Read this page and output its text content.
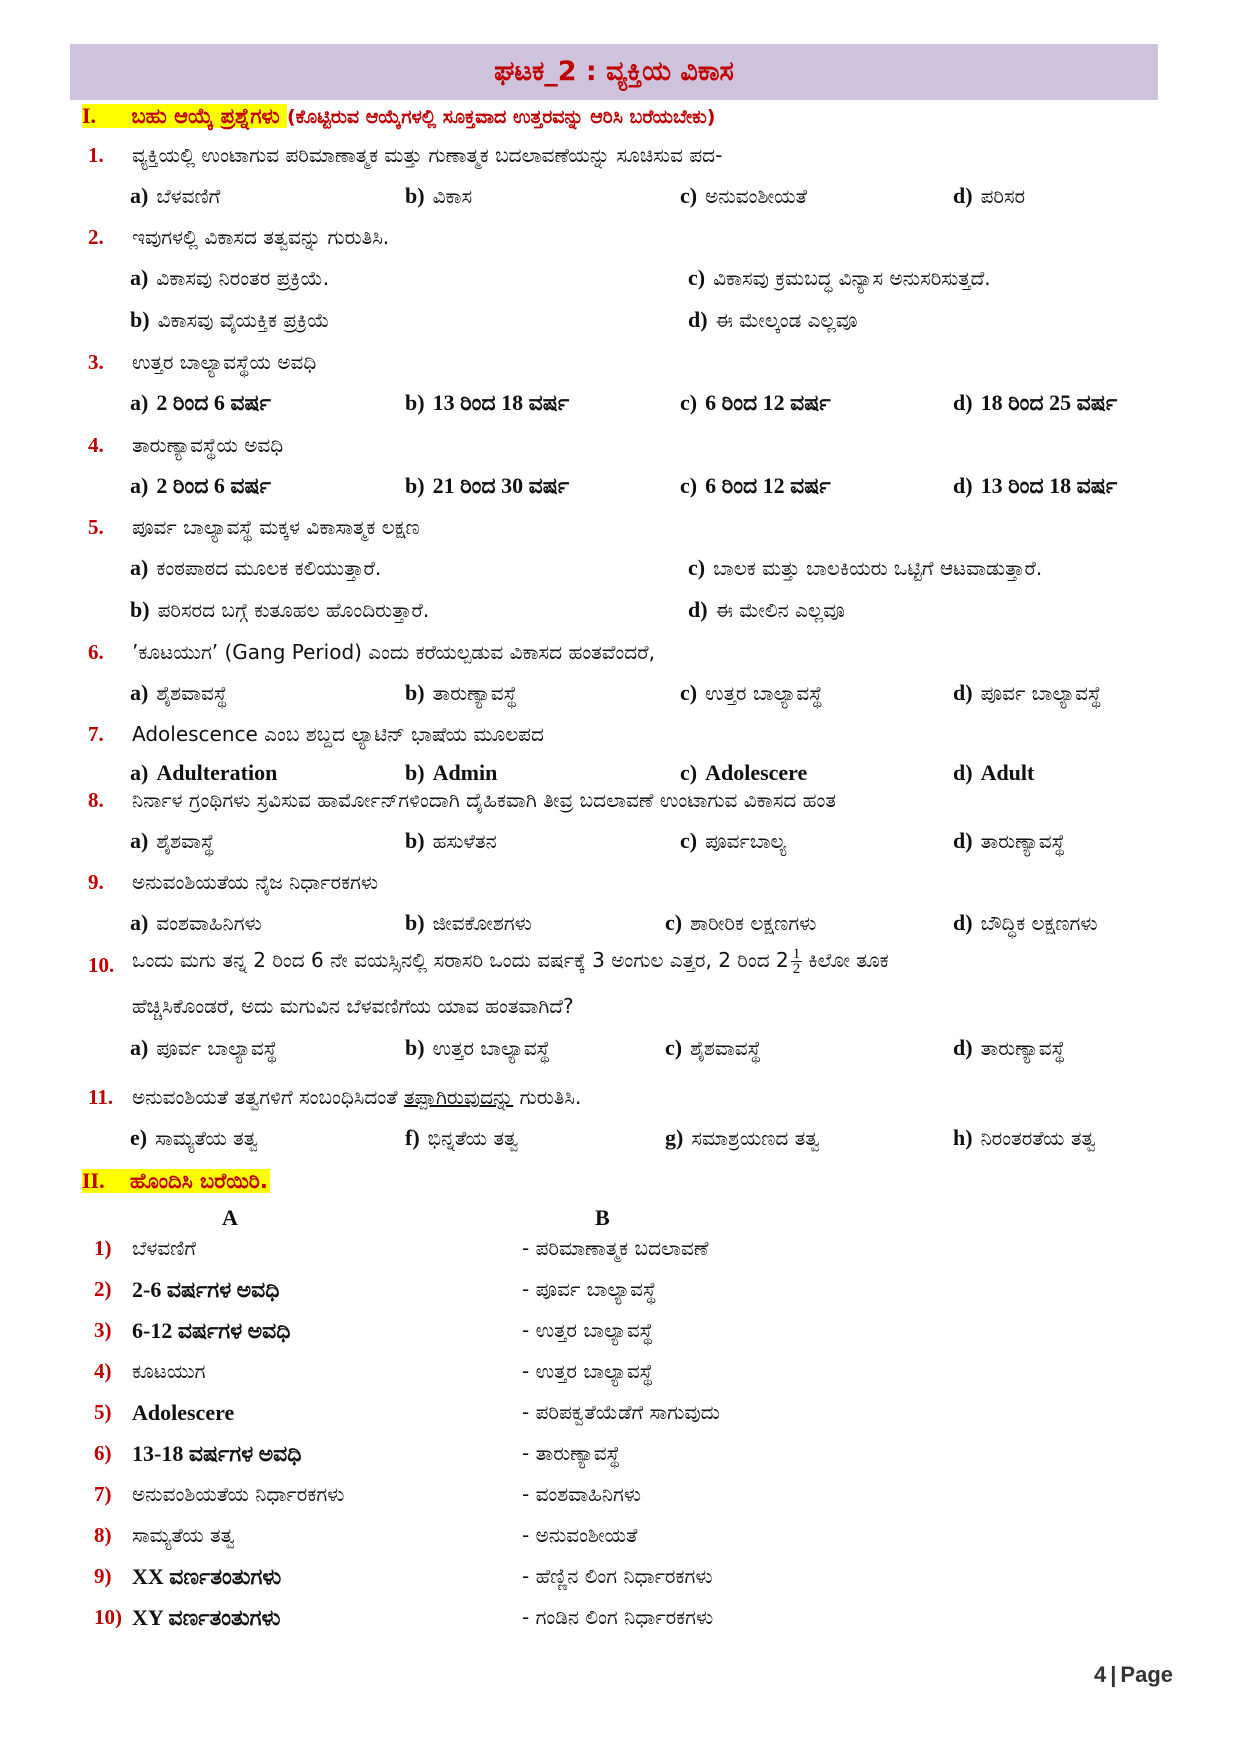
ಘಟಕ_2 : ವ್ಯಕ್ತಿಯ ವಿಕಾಸ
I. ಬಹು ಆಯ್ಕೆ ಪ್ರಶ್ನೆಗಳು (ಕೊಟ್ಟಿರುವ ಆಯ್ಕೆಗಳಲ್ಲಿ ಸೂಕ್ತವಾದ ಉತ್ತರವನ್ನು ಆರಿಸಿ ಬರೆಯಬೇಕು)
1. ವ್ಯಕ್ತಿಯಲ್ಲಿ ಉಂಟಾಗುವ ಪರಿಮಾಣಾತ್ಮಕ ಮತ್ತು ಗುಣಾತ್ಮಕ ಬದಲಾವಣೆಯನ್ನು ಸೂಚಿಸುವ ಪದ-
a) ಬೆಳವಣಿಗೆ	b) ವಿಕಾಸ	c) ಅನುವಂಶೀಯತೆ	d) ಪರಿಸರ
2. ಇವುಗಳಲ್ಲಿ ವಿಕಾಸದ ತತ್ವವನ್ನು ಗುರುತಿಸಿ.
a) ವಿಕಾಸವು ನಿರಂತರ ಪ್ರಕ್ರಿಯೆ.	c) ವಿಕಾಸವು ಕ್ರಮಬದ್ಧ ವಿನ್ಯಾಸ ಅನುಸರಿಸುತ್ತದೆ.
b) ವಿಕಾಸವು ವೈಯಕ್ತಿಕ ಪ್ರಕ್ರಿಯೆ	d) ಈ ಮೇಲ್ಕಂಡ ಎಲ್ಲವೂ
3. ಉತ್ತರ ಬಾಲ್ಯಾವಸ್ಥೆಯ ಅವಧಿ
a) 2 ರಿಂದ 6 ವರ್ಷ	b) 13 ರಿಂದ 18 ವರ್ಷ	c) 6 ರಿಂದ 12 ವರ್ಷ	d) 18 ರಿಂದ 25 ವರ್ಷ
4. ತಾರುಣ್ಯಾವಸ್ಥೆಯ ಅವಧಿ
a) 2 ರಿಂದ 6 ವರ್ಷ	b) 21 ರಿಂದ 30 ವರ್ಷ	c) 6 ರಿಂದ 12 ವರ್ಷ	d) 13 ರಿಂದ 18 ವರ್ಷ
5. ಪೂರ್ವ ಬಾಲ್ಯಾವಸ್ಥೆ ಮಕ್ಕಳ ವಿಕಾಸಾತ್ಮಕ ಲಕ್ಷಣ
a) ಕಂಠಪಾಠದ ಮೂಲಕ ಕಲಿಯುತ್ತಾರೆ.	c) ಬಾಲಕ ಮತ್ತು ಬಾಲಕಿಯರು ಒಟ್ಟಿಗೆ ಆಟವಾಡುತ್ತಾರೆ.
b) ಪರಿಸರದ ಬಗ್ಗೆ ಕುತೂಹಲ ಹೊಂದಿರುತ್ತಾರೆ.	d) ಈ ಮೇಲಿನ ಎಲ್ಲವೂ
6. ’ಕೂಟಯುಗ’ (Gang Period) ಎಂದು ಕರೆಯಲ್ಪಡುವ ವಿಕಾಸದ ಹಂತವೆಂದರೆ,
a) ಶೈಶವಾವಸ್ಥೆ	b) ತಾರುಣ್ಯಾವಸ್ಥೆ	c) ಉತ್ತರ ಬಾಲ್ಯಾವಸ್ಥೆ	d) ಪೂರ್ವ ಬಾಲ್ಯಾವಸ್ಥೆ
7. Adolescence ಎಂಬ ಶಬ್ದದ ಲ್ಯಾಟಿನ್ ಭಾಷೆಯ ಮೂಲಪದ
a) Adulteration	b) Admin	c) Adolescere	d) Adult
8. ನಿರ್ನಾಳ ಗ್ರಂಥಿಗಳು ಸ್ರವಿಸುವ ಹಾರ್ಮೋನ್‌ಗಳಿಂದಾಗಿ ದೈಹಿಕವಾಗಿ ತೀವ್ರ ಬದಲಾವಣೆ ಉಂಟಾಗುವ ವಿಕಾಸದ ಹಂತ
a) ಶೈಶವಾಸ್ಥೆ	b) ಹಸುಳೆತನ	c) ಪೂರ್ವಬಾಲ್ಯ	d) ತಾರುಣ್ಯಾವಸ್ಥೆ
9. ಅನುವಂಶಿಯತೆಯ ನೈಜ ನಿರ್ಧಾರಕಗಳು
a) ವಂಶವಾಹಿನಿಗಳು	b) ಜೀವಕೋಶಗಳು	c) ಶಾರೀರಿಕ ಲಕ್ಷಣಗಳು	d) ಬೌದ್ಧಿಕ ಲಕ್ಷಣಗಳು
10. ಒಂದು ಮಗು ತನ್ನ 2 ರಿಂದ 6 ನೇ ವಯಸ್ಸಿನಲ್ಲಿ ಸರಾಸರಿ ಒಂದು ವರ್ಷಕ್ಕೆ 3 ಅಂಗುಲ ಎತ್ತರ, 2 ರಿಂದ $2 \frac{1}{2}$ ಕಿಲೋ ತೂಕ
ಹೆಚ್ಚಿಸಿಕೊಂಡರೆ, ಅದು ಮಗುವಿನ ಬೆಳವಣಿಗೆಯ ಯಾವ ಹಂತವಾಗಿದೆ?
a) ಪೂರ್ವ ಬಾಲ್ಯಾವಸ್ಥೆ	b) ಉತ್ತರ ಬಾಲ್ಯಾವಸ್ಥೆ	c) ಶೈಶವಾವಸ್ಥೆ	d) ತಾರುಣ್ಯಾವಸ್ಥೆ
11. ಅನುವಂಶಿಯತೆ ತತ್ವಗಳಿಗೆ ಸಂಬಂಧಿಸಿದಂತೆ ತಪ್ಪಾಗಿರುವುದನ್ನು ಗುರುತಿಸಿ.
e) ಸಾಮ್ಯತೆಯ ತತ್ವ	f) ಭಿನ್ನತೆಯ ತತ್ವ	g) ಸಮಾಶ್ರಯಣದ ತತ್ವ	h) ನಿರಂತರತೆಯ ತತ್ವ
II. ಹೊಂದಿಸಿ ಬರೆಯಿರಿ.
A	B
1) ಬೆಳವಣಿಗೆ	- ಪರಿಮಾಣಾತ್ಮಕ ಬದಲಾವಣೆ
2) 2-6 ವರ್ಷಗಳ ಅವಧಿ	- ಪೂರ್ವ ಬಾಲ್ಯಾವಸ್ಥೆ
3) 6-12 ವರ್ಷಗಳ ಅವಧಿ	- ಉತ್ತರ ಬಾಲ್ಯಾವಸ್ಥೆ
4) ಕೂಟಯುಗ	- ಉತ್ತರ ಬಾಲ್ಯಾವಸ್ಥೆ
5) Adolescere	- ಪರಿಪಕ್ವತೆಯೆಡೆಗೆ ಸಾಗುವುದು
6) 13-18 ವರ್ಷಗಳ ಅವಧಿ	- ತಾರುಣ್ಯಾವಸ್ಥೆ
7) ಅನುವಂಶಿಯತೆಯ ನಿರ್ಧಾರಕಗಳು	- ವಂಶವಾಹಿನಿಗಳು
8) ಸಾಮ್ಯತೆಯ ತತ್ವ	- ಅನುವಂಶೀಯತೆ
9) XX ವರ್ಣತಂತುಗಳು	- ಹೆಣ್ಣಿನ ಲಿಂಗ ನಿರ್ಧಾರಕಗಳು
10) XY ವರ್ಣತಂತುಗಳು	- ಗಂಡಿನ ಲಿಂಗ ನಿರ್ಧಾರಕಗಳು
4 | Page
